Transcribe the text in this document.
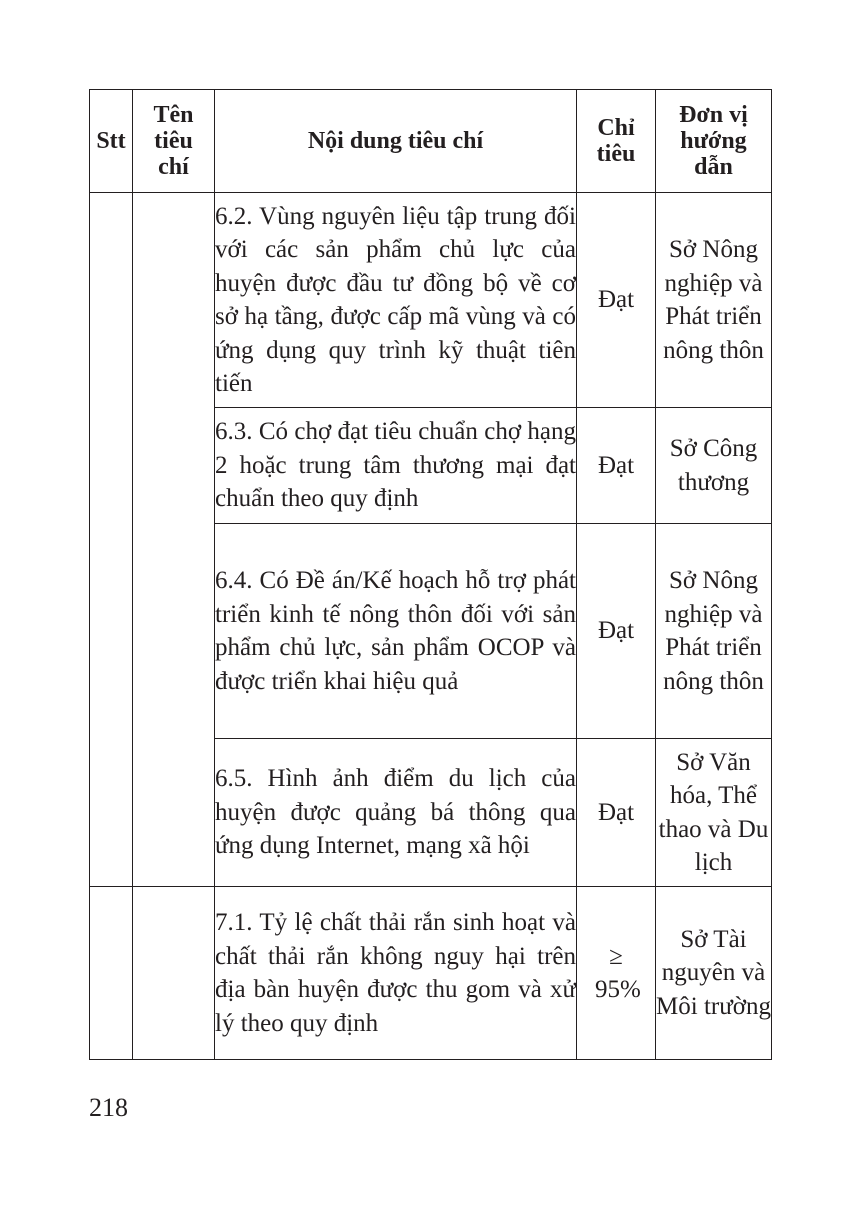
Stt	Tên tiêu chí	Nội dung tiêu chí	Chỉ tiêu	Đơn vị hướng dẫn
		6.2. Vùng nguyên liệu tập trung đối với các sản phẩm chủ lực của huyện được đầu tư đồng bộ về cơ sở hạ tầng, được cấp mã vùng và có ứng dụng quy trình kỹ thuật tiên tiến	Đạt	Sở Nông nghiệp và Phát triển nông thôn
		6.3. Có chợ đạt tiêu chuẩn chợ hạng 2 hoặc trung tâm thương mại đạt chuẩn theo quy định	Đạt	Sở Công thương
		6.4. Có Đề án/Kế hoạch hỗ trợ phát triển kinh tế nông thôn đối với sản phẩm chủ lực, sản phẩm OCOP và được triển khai hiệu quả	Đạt	Sở Nông nghiệp và Phát triển nông thôn
		6.5. Hình ảnh điểm du lịch của huyện được quảng bá thông qua ứng dụng Internet, mạng xã hội	Đạt	Sở Văn hóa, Thể thao và Du lịch
		7.1. Tỷ lệ chất thải rắn sinh hoạt và chất thải rắn không nguy hại trên địa bàn huyện được thu gom và xử lý theo quy định	≥ 95%	Sở Tài nguyên và Môi trường
218
